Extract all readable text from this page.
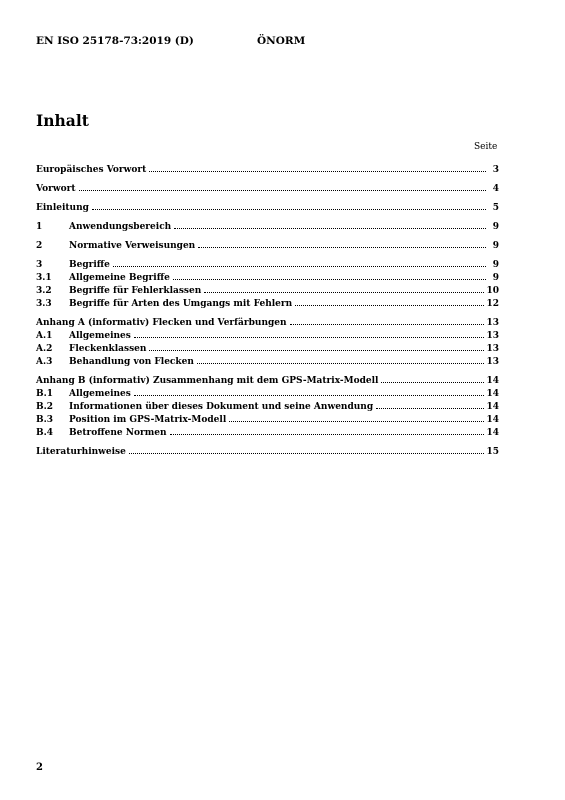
EN ISO 25178-73:2019 (D)	ÖNORM
Inhalt
Seite
Europäisches Vorwort	3
Vorwort	4
Einleitung	5
1	Anwendungsbereich	9
2	Normative Verweisungen	9
3	Begriffe	9
3.1	Allgemeine Begriffe	9
3.2	Begriffe für Fehlerklassen	10
3.3	Begriffe für Arten des Umgangs mit Fehlern	12
Anhang A (informativ) Flecken und Verfärbungen	13
A.1	Allgemeines	13
A.2	Fleckenklassen	13
A.3	Behandlung von Flecken	13
Anhang B (informativ) Zusammenhang mit dem GPS-Matrix-Modell	14
B.1	Allgemeines	14
B.2	Informationen über dieses Dokument und seine Anwendung	14
B.3	Position im GPS-Matrix-Modell	14
B.4	Betroffene Normen	14
Literaturhinweise	15
2
